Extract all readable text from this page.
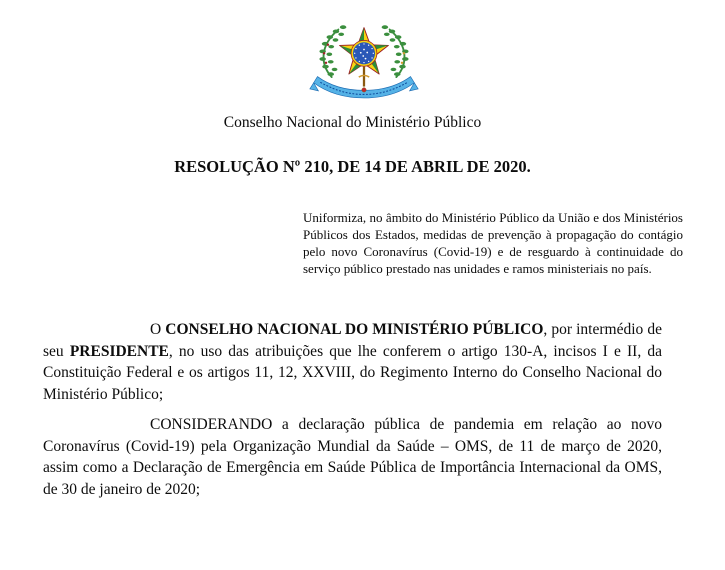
Conselho Nacional do Ministério Público
RESOLUÇÃO Nº 210, DE 14 DE ABRIL DE 2020.
Uniformiza, no âmbito do Ministério Público da União e dos Ministérios Públicos dos Estados, medidas de prevenção à propagação do contágio pelo novo Coronavírus (Covid-19) e de resguardo à continuidade do serviço público prestado nas unidades e ramos ministeriais no país.

O CONSELHO NACIONAL DO MINISTÉRIO PÚBLICO, por intermédio de seu PRESIDENTE, no uso das atribuições que lhe conferem o artigo 130-A, incisos I e II, da Constituição Federal e os artigos 11, 12, XXVIII, do Regimento Interno do Conselho Nacional do Ministério Público;

CONSIDERANDO a declaração pública de pandemia em relação ao novo Coronavírus (Covid-19) pela Organização Mundial da Saúde – OMS, de 11 de março de 2020, assim como a Declaração de Emergência em Saúde Pública de Importância Internacional da OMS, de 30 de janeiro de 2020;
